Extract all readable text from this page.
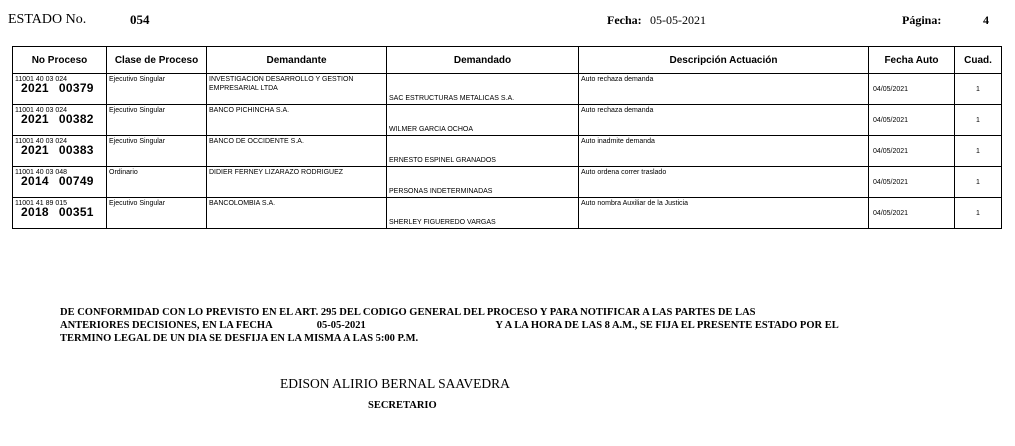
ESTADO No.	054	Fecha: 05-05-2021	Página:	4
No Proceso	Clase de Proceso	Demandante	Demandado	Descripción Actuación	Fecha Auto	Cuad.

11001 40 03 024
2021 00379	Ejecutivo Singular	INVESTIGACION DESARROLLO Y GESTION EMPRESARIAL LTDA	SAC ESTRUCTURAS METALICAS S.A.	Auto rechaza demanda	04/05/2021	1

11001 40 03 024
2021 00382	Ejecutivo Singular	BANCO PICHINCHA S.A.	WILMER GARCIA OCHOA	Auto rechaza demanda	04/05/2021	1

11001 40 03 024
2021 00383	Ejecutivo Singular	BANCO DE OCCIDENTE S.A.	ERNESTO ESPINEL GRANADOS	Auto inadmite demanda	04/05/2021	1

11001 40 03 048
2014 00749	Ordinario	DIDIER FERNEY LIZARAZO RODRIGUEZ	PERSONAS INDETERMINADAS	Auto ordena correr traslado	04/05/2021	1

11001 41 89 015
2018 00351	Ejecutivo Singular	BANCOLOMBIA S.A.	SHERLEY FIGUEREDO VARGAS	Auto nombra Auxiliar de la Justicia	04/05/2021	1
DE CONFORMIDAD CON LO PREVISTO EN EL ART. 295 DEL CODIGO GENERAL DEL PROCESO Y PARA NOTIFICAR A LAS PARTES DE LAS
ANTERIORES DECISIONES, EN LA FECHA	05-05-2021	Y A LA HORA DE LAS 8 A.M., SE FIJA EL PRESENTE ESTADO POR EL
TERMINO LEGAL DE UN DIA SE DESFIJA EN LA MISMA A LAS 5:00 P.M.
EDISON ALIRIO BERNAL SAAVEDRA
SECRETARIO
